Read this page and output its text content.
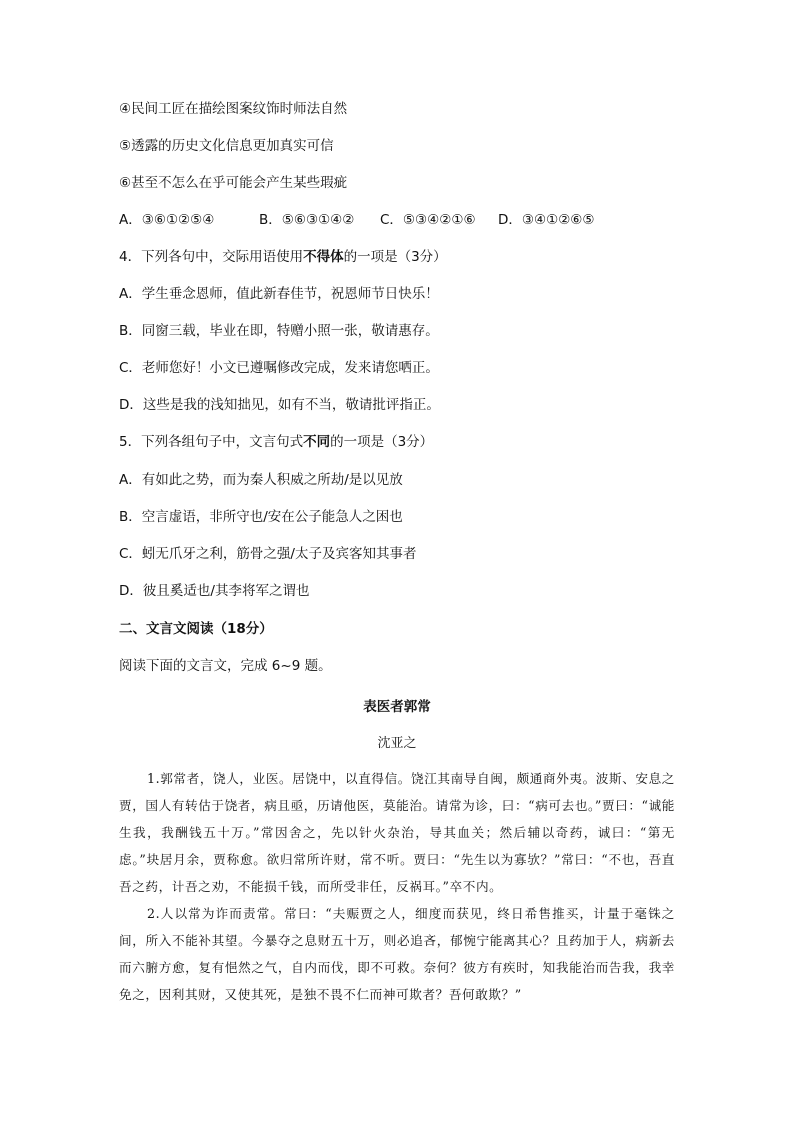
④民间工匠在描绘图案纹饰时师法自然
⑤透露的历史文化信息更加真实可信
⑥甚至不怎么在乎可能会产生某些瑕疵
A．③⑥①②⑤④	B．⑤⑥③①④② C．⑤③④②①⑥ D．③④①②⑥⑤
4．下列各句中，交际用语使用不得体的一项是（3分）
A．学生垂念恩师，值此新春佳节，祝恩师节日快乐！
B．同窗三载，毕业在即，特赠小照一张，敬请惠存。
C．老师您好！小文已遵嘱修改完成，发来请您哂正。
D．这些是我的浅知拙见，如有不当，敬请批评指正。
5．下列各组句子中，文言句式不同的一项是（3分）
A．有如此之势，而为秦人积威之所劫/是以见放
B．空言虚语，非所守也/安在公子能急人之困也
C．蚓无爪牙之利，筋骨之强/太子及宾客知其事者
D．彼且奚适也/其李将军之谓也
二、文言文阅读（18分）
阅读下面的文言文，完成 6~9 题。
表医者郭常
沈亚之
1.郭常者，饶人，业医。居饶中，以直得信。饶江其南导自闽，颇通商外夷。波斯、安息之贾，国人有转估于饶者，病且亟，历请他医，莫能治。请常为诊，曰：“病可去也。”贾曰：“诚能生我，我酬钱五十万。”常因舍之，先以针火杂治，导其血关；然后辅以奇药，诚曰：“第无虑。”块居月余，贾称愈。欲归常所许财，常不听。贾曰：“先生以为寡欤？”常曰：“不也，吾直吾之药，计吾之劝，不能损千钱，而所受非任，反祸耳。”卒不内。
2.人以常为诈而责常。常曰：“夫赈贾之人，细度而获见，终日希售推买，计量于毫铢之间，所入不能补其望。今暴夺之息财五十万，则必追吝，郁惋宁能离其心？且药加于人，病新去而六腑方愈，复有悒然之气，自内而伐，即不可救。奈何？彼方有疾时，知我能治而告我，我幸免之，因利其财，又使其死，是独不畏不仁而神可欺者？吾何敢欺？”
